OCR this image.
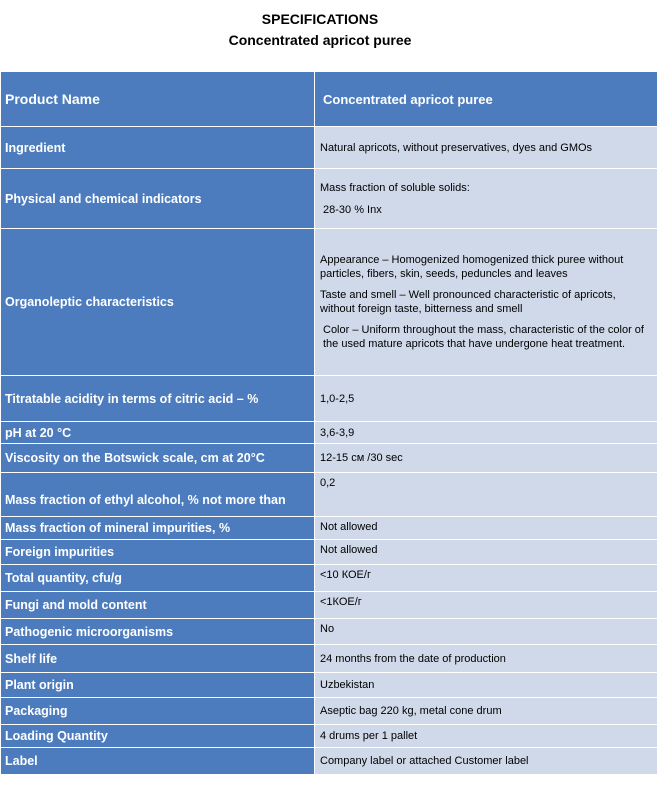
SPECIFICATIONS
Concentrated apricot puree
Product Name	Concentrated apricot puree
Ingredient	Natural apricots, without preservatives, dyes and GMOs
Physical and chemical indicators	Mass fraction of soluble solids:

28-30 % Inx

Organoleptic characteristics	Appearance – Homogenized homogenized thick puree without particles, fibers, skin, seeds, peduncles and leaves

Taste and smell – Well pronounced characteristic of apricots, without foreign taste, bitterness and smell

Color – Uniform throughout the mass, characteristic of the color of the used mature apricots that have undergone heat treatment.

Titratable acidity in terms of citric acid – %	1,0-2,5
pH at 20 °C	3,6-3,9
Viscosity on the Botswick scale, cm at 20°C	12-15 см /30 sec
Mass fraction of ethyl alcohol, % not more than	0,2
Mass fraction of mineral impurities, %	Not allowed
Foreign impurities	Not allowed
Total quantity, cfu/g	<10 КОЕ/г
Fungi and mold content	<1КОЕ/г
Pathogenic microorganisms	No
Shelf life	24 months from the date of production
Plant origin	Uzbekistan
Packaging	Aseptic bag 220 kg, metal cone drum
Loading Quantity	4 drums per 1 pallet
Label	Company label or attached Customer label
